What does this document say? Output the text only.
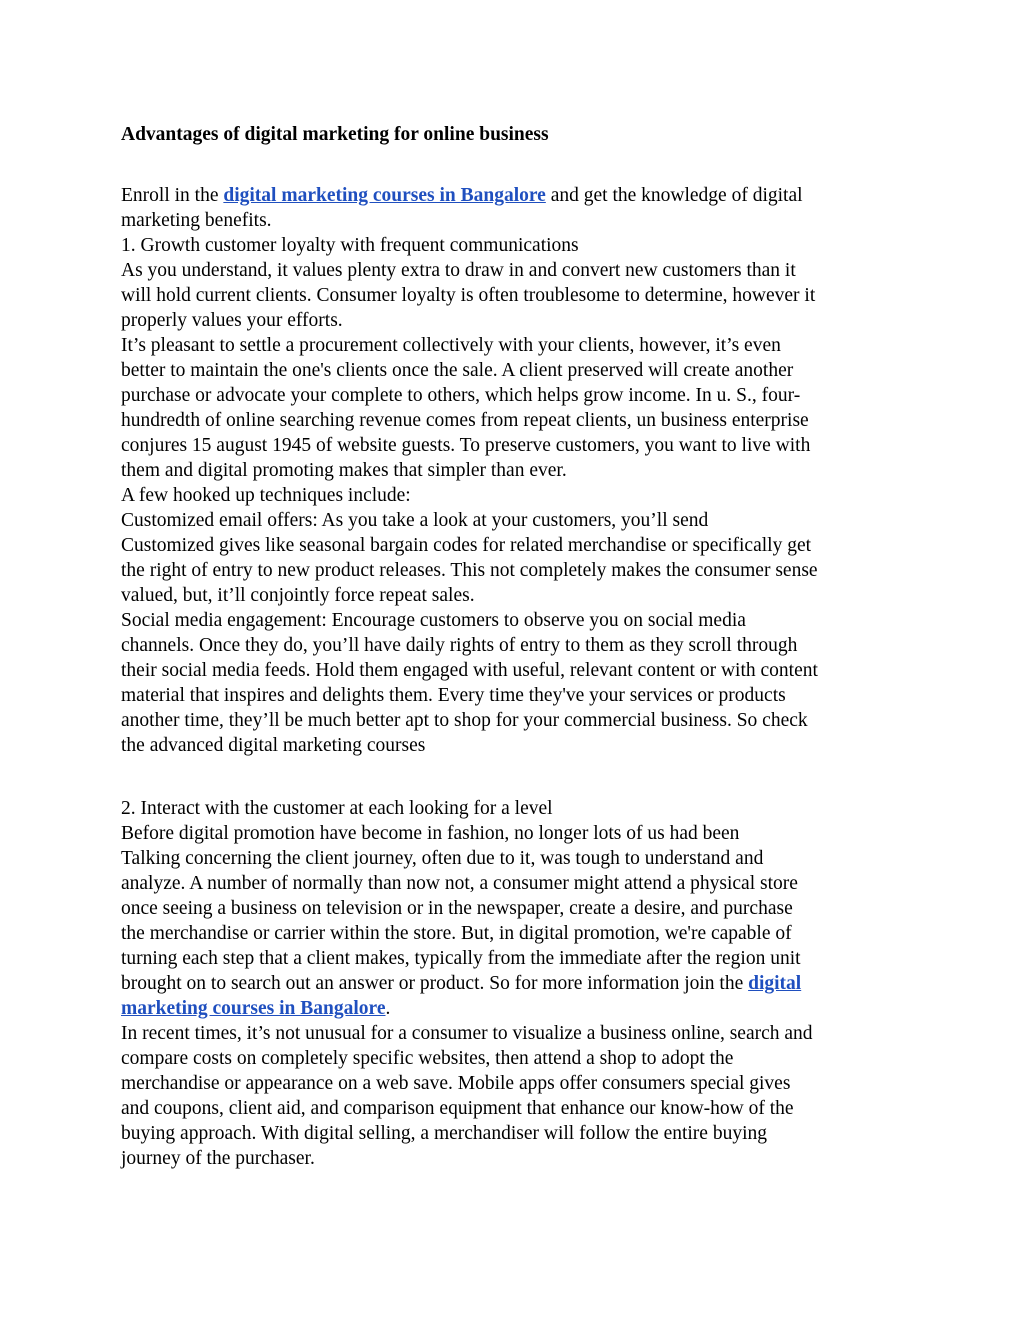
Advantages of digital marketing for online business
Enroll in the digital marketing courses in Bangalore and get the knowledge of digital
marketing benefits.
1. Growth customer loyalty with frequent communications
As you understand, it values plenty extra to draw in and convert new customers than it
will hold current clients. Consumer loyalty is often troublesome to determine, however it
properly values your efforts.
It’s pleasant to settle a procurement collectively with your clients, however, it’s even
better to maintain the one's clients once the sale. A client preserved will create another
purchase or advocate your complete to others, which helps grow income. In u. S., four-
hundredth of online searching revenue comes from repeat clients, un business enterprise
conjures 15 august 1945 of website guests. To preserve customers, you want to live with
them and digital promoting makes that simpler than ever.
A few hooked up techniques include:
Customized email offers: As you take a look at your customers, you’ll send
Customized gives like seasonal bargain codes for related merchandise or specifically get
the right of entry to new product releases. This not completely makes the consumer sense
valued, but, it’ll conjointly force repeat sales.
Social media engagement: Encourage customers to observe you on social media
channels. Once they do, you’ll have daily rights of entry to them as they scroll through
their social media feeds. Hold them engaged with useful, relevant content or with content
material that inspires and delights them. Every time they've your services or products
another time, they’ll be much better apt to shop for your commercial business. So check
the advanced digital marketing courses
2. Interact with the customer at each looking for a level
Before digital promotion have become in fashion, no longer lots of us had been
Talking concerning the client journey, often due to it, was tough to understand and
analyze. A number of normally than now not, a consumer might attend a physical store
once seeing a business on television or in the newspaper, create a desire, and purchase
the merchandise or carrier within the store. But, in digital promotion, we're capable of
turning each step that a client makes, typically from the immediate after the region unit
brought on to search out an answer or product. So for more information join the digital
marketing courses in Bangalore.
In recent times, it’s not unusual for a consumer to visualize a business online, search and
compare costs on completely specific websites, then attend a shop to adopt the
merchandise or appearance on a web save. Mobile apps offer consumers special gives
and coupons, client aid, and comparison equipment that enhance our know-how of the
buying approach. With digital selling, a merchandiser will follow the entire buying
journey of the purchaser.
